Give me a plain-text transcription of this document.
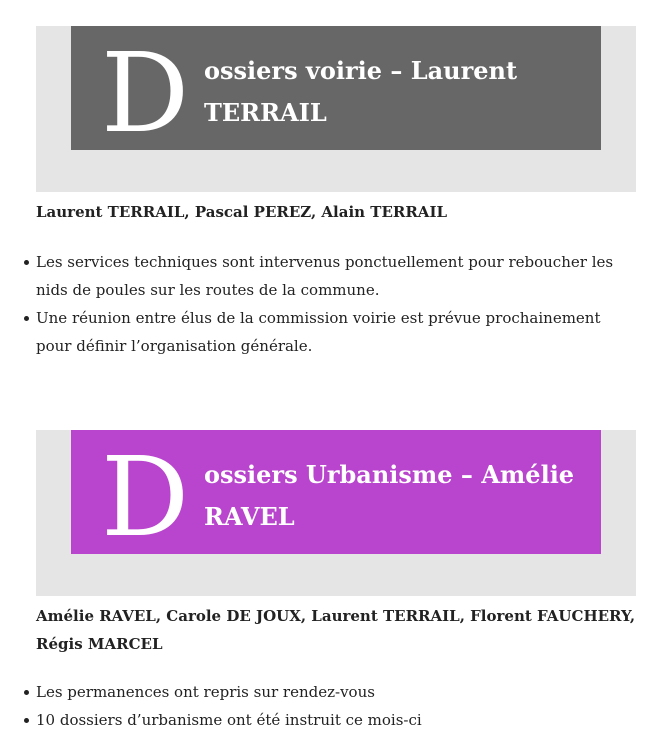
D ossiers voirie – Laurent TERRAIL

Laurent TERRAIL, Pascal PEREZ, Alain TERRAIL

Les services techniques sont intervenus ponctuellement pour reboucher les nids de poules sur les routes de la commune.
Une réunion entre élus de la commission voirie est prévue prochainement pour définir l’organisation générale.
D ossiers Urbanisme – Amélie RAVEL

Amélie RAVEL, Carole DE JOUX, Laurent TERRAIL, Florent FAUCHERY, Régis MARCEL

Les permanences ont repris sur rendez-vous
10 dossiers d’urbanisme ont été instruit ce mois-ci
